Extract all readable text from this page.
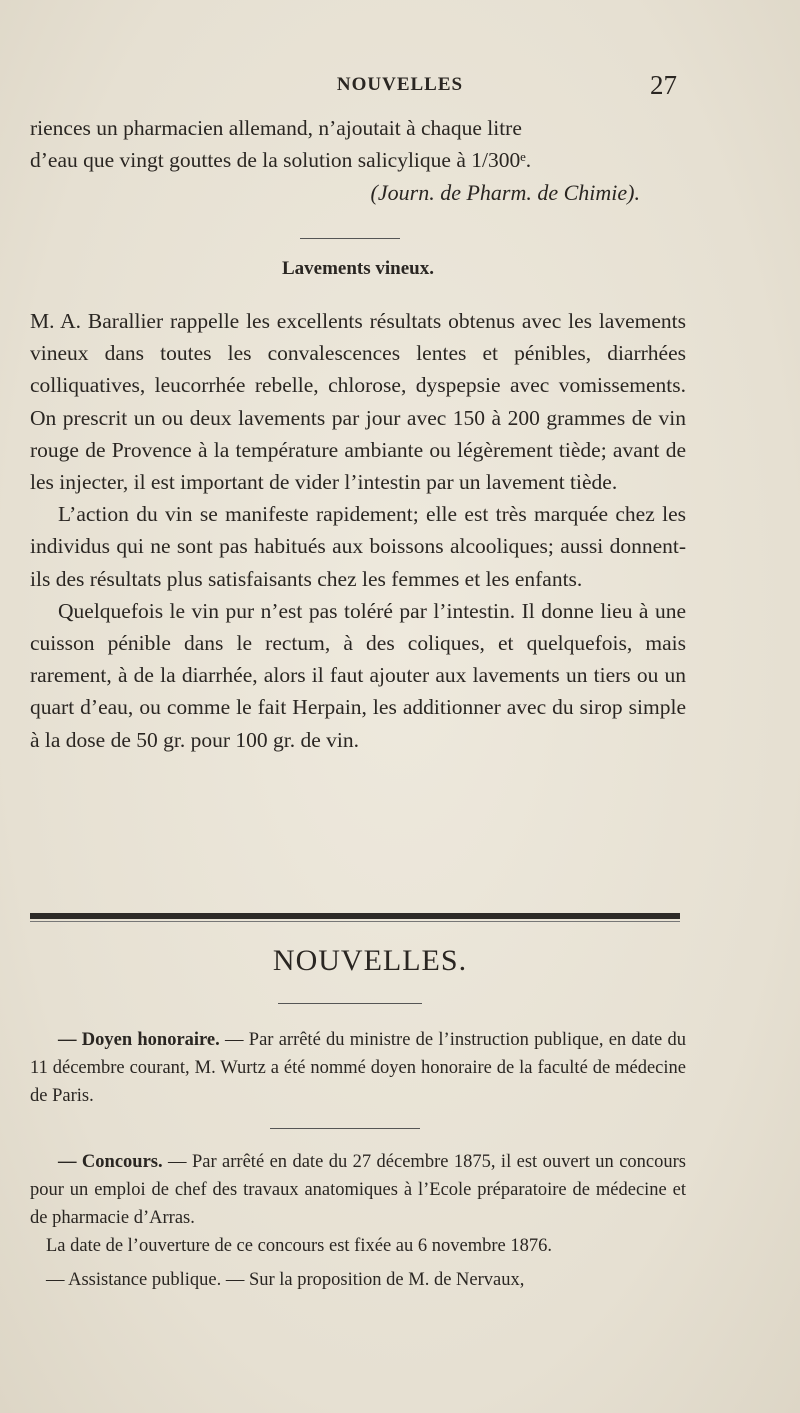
NOUVELLES	27

riences un pharmacien allemand, n’ajoutait à chaque litre

d’eau que vingt gouttes de la solution salicylique à 1/300ᵉ.

(Journ. de Pharm. de Chimie).
Lavements vineux.

M. A. Barallier rappelle les excellents résultats obtenus avec les lavements vineux dans toutes les convalescences lentes et pénibles, diarrhées colliquatives, leucorrhée rebelle, chlorose, dyspepsie avec vomissements. On prescrit un ou deux lavements par jour avec 150 à 200 grammes de vin rouge de Provence à la température ambiante ou légèrement tiède; avant de les injecter, il est important de vider l’intestin par un lavement tiède.

L’action du vin se manifeste rapidement; elle est très marquée chez les individus qui ne sont pas habitués aux boissons alcooliques; aussi donnent-ils des résultats plus satisfaisants chez les femmes et les enfants.

Quelquefois le vin pur n’est pas toléré par l’intestin. Il donne lieu à une cuisson pénible dans le rectum, à des coliques, et quelquefois, mais rarement, à de la diarrhée, alors il faut ajouter aux lavements un tiers ou un quart d’eau, ou comme le fait Herpain, les additionner avec du sirop simple à la dose de 50 gr. pour 100 gr. de vin.

NOUVELLES.

— Doyen honoraire. — Par arrêté du ministre de l’instruction publique, en date du 11 décembre courant, M. Wurtz a été nommé doyen honoraire de la faculté de médecine de Paris.

— Concours. — Par arrêté en date du 27 décembre 1875, il est ouvert un concours pour un emploi de chef des travaux anatomiques à l’Ecole préparatoire de médecine et de pharmacie d’Arras.

La date de l’ouverture de ce concours est fixée au 6 novembre 1876.

— Assistance publique. — Sur la proposition de M. de Nervaux,
